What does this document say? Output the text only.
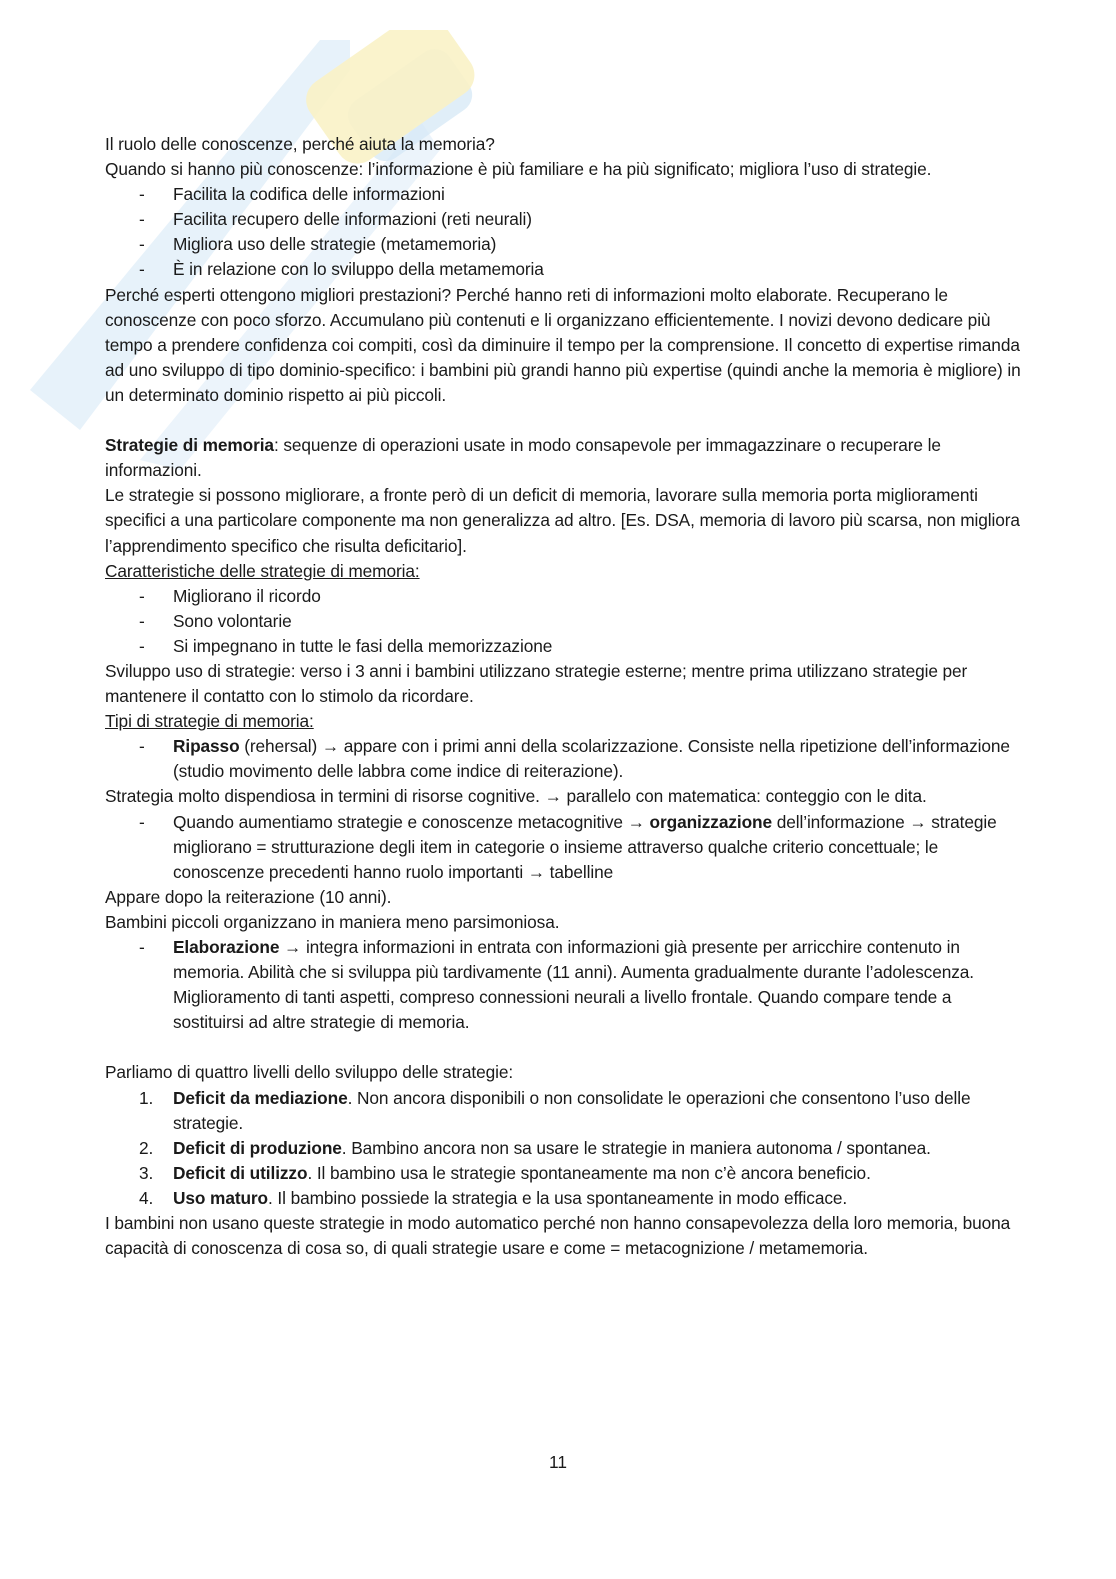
Il ruolo delle conoscenze, perché aiuta la memoria?

Quando si hanno più conoscenze: l’informazione è più familiare e ha più significato; migliora l’uso di strategie.

- Facilita la codifica delle informazioni
- Facilita recupero delle informazioni (reti neurali)
- Migliora uso delle strategie (metamemoria)
- È in relazione con lo sviluppo della metamemoria

Perché esperti ottengono migliori prestazioni? Perché hanno reti di informazioni molto elaborate. Recuperano le conoscenze con poco sforzo. Accumulano più contenuti e li organizzano efficientemente. I novizi devono dedicare più tempo a prendere confidenza coi compiti, così da diminuire il tempo per la comprensione. Il concetto di expertise rimanda ad uno sviluppo di tipo dominio-specifico: i bambini più grandi hanno più expertise (quindi anche la memoria è migliore) in un determinato dominio rispetto ai più piccoli.

Strategie di memoria: sequenze di operazioni usate in modo consapevole per immagazzinare o recuperare le informazioni.

Le strategie si possono migliorare, a fronte però di un deficit di memoria, lavorare sulla memoria porta miglioramenti specifici a una particolare componente ma non generalizza ad altro. [Es. DSA, memoria di lavoro più scarsa, non migliora l’apprendimento specifico che risulta deficitario].

Caratteristiche delle strategie di memoria:

- Migliorano il ricordo
- Sono volontarie
- Si impegnano in tutte le fasi della memorizzazione

Sviluppo uso di strategie: verso i 3 anni i bambini utilizzano strategie esterne; mentre prima utilizzano strategie per mantenere il contatto con lo stimolo da ricordare.

Tipi di strategie di memoria:

- Ripasso (rehersal) → appare con i primi anni della scolarizzazione. Consiste nella ripetizione dell’informazione (studio movimento delle labbra come indice di reiterazione).

Strategia molto dispendiosa in termini di risorse cognitive. → parallelo con matematica: conteggio con le dita.

- Quando aumentiamo strategie e conoscenze metacognitive → organizzazione dell’informazione → strategie migliorano = strutturazione degli item in categorie o insieme attraverso qualche criterio concettuale; le conoscenze precedenti hanno ruolo importanti → tabelline

Appare dopo la reiterazione (10 anni).

Bambini piccoli organizzano in maniera meno parsimoniosa.

- Elaborazione → integra informazioni in entrata con informazioni già presente per arricchire contenuto in memoria. Abilità che si sviluppa più tardivamente (11 anni). Aumenta gradualmente durante l’adolescenza. Miglioramento di tanti aspetti, compreso connessioni neurali a livello frontale. Quando compare tende a sostituirsi ad altre strategie di memoria.

Parliamo di quattro livelli dello sviluppo delle strategie:

1. Deficit da mediazione. Non ancora disponibili o non consolidate le operazioni che consentono l’uso delle strategie.
2. Deficit di produzione. Bambino ancora non sa usare le strategie in maniera autonoma / spontanea.
3. Deficit di utilizzo. Il bambino usa le strategie spontaneamente ma non c’è ancora beneficio.
4. Uso maturo. Il bambino possiede la strategia e la usa spontaneamente in modo efficace.

I bambini non usano queste strategie in modo automatico perché non hanno consapevolezza della loro memoria, buona capacità di conoscenza di cosa so, di quali strategie usare e come = metacognizione / metamemoria.

11
